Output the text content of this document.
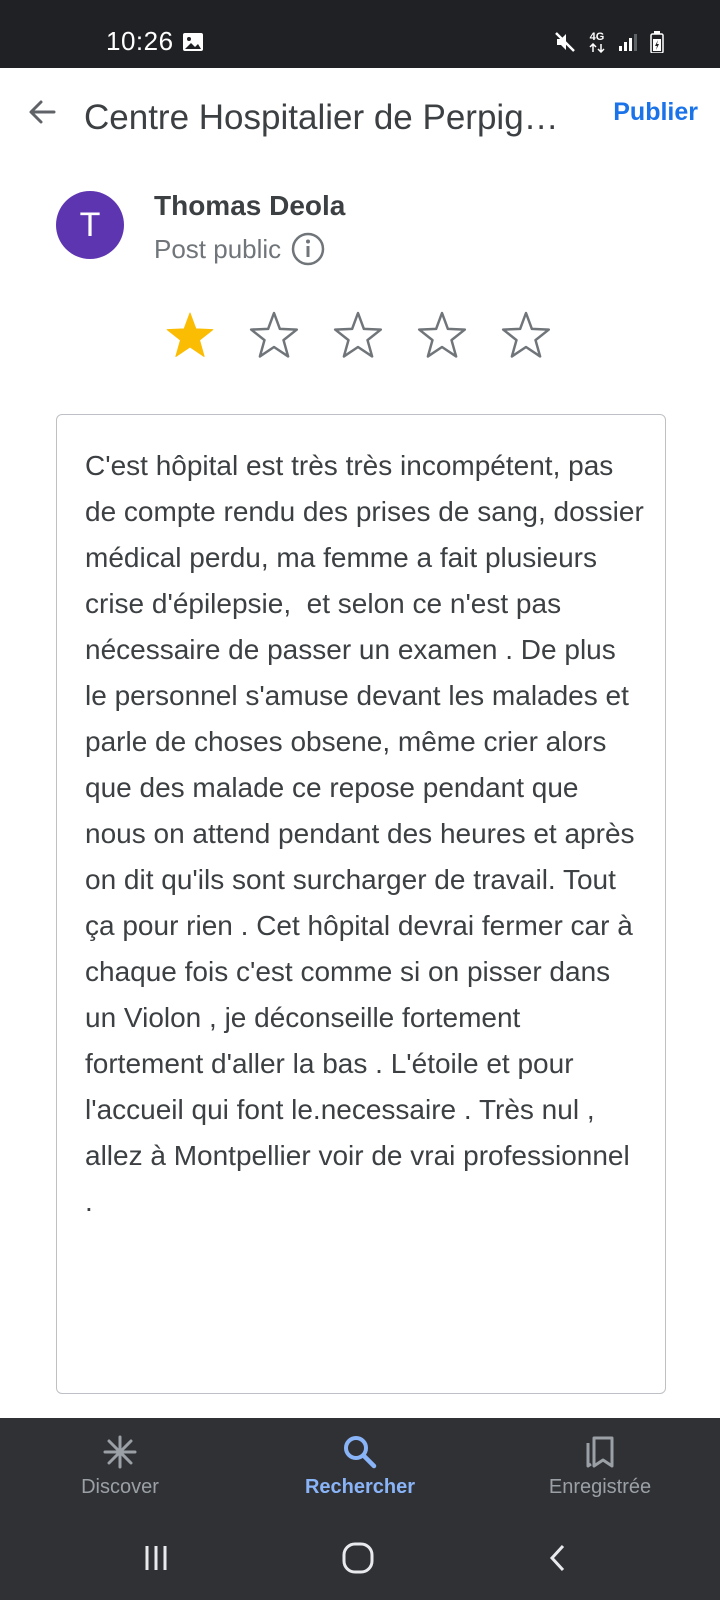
10:26	4G
Centre Hospitalier de Perpig…	Publier
T Thomas Deola
Post public
C'est hôpital est très très incompétent, pas de compte rendu des prises de sang, dossier médical perdu, ma femme a fait plusieurs crise d'épilepsie,  et selon ce n'est pas nécessaire de passer un examen . De plus le personnel s'amuse devant les malades et parle de choses obsene, même crier alors que des malade ce repose pendant que nous on attend pendant des heures et après on dit qu'ils sont surcharger de travail. Tout ça pour rien . Cet hôpital devrai fermer car à chaque fois c'est comme si on pisser dans un Violon , je déconseille fortement fortement d'aller la bas . L'étoile et pour l'accueil qui font le.necessaire . Très nul , allez à Montpellier voir de vrai professionnel .
Discover	Rechercher	Enregistrée
